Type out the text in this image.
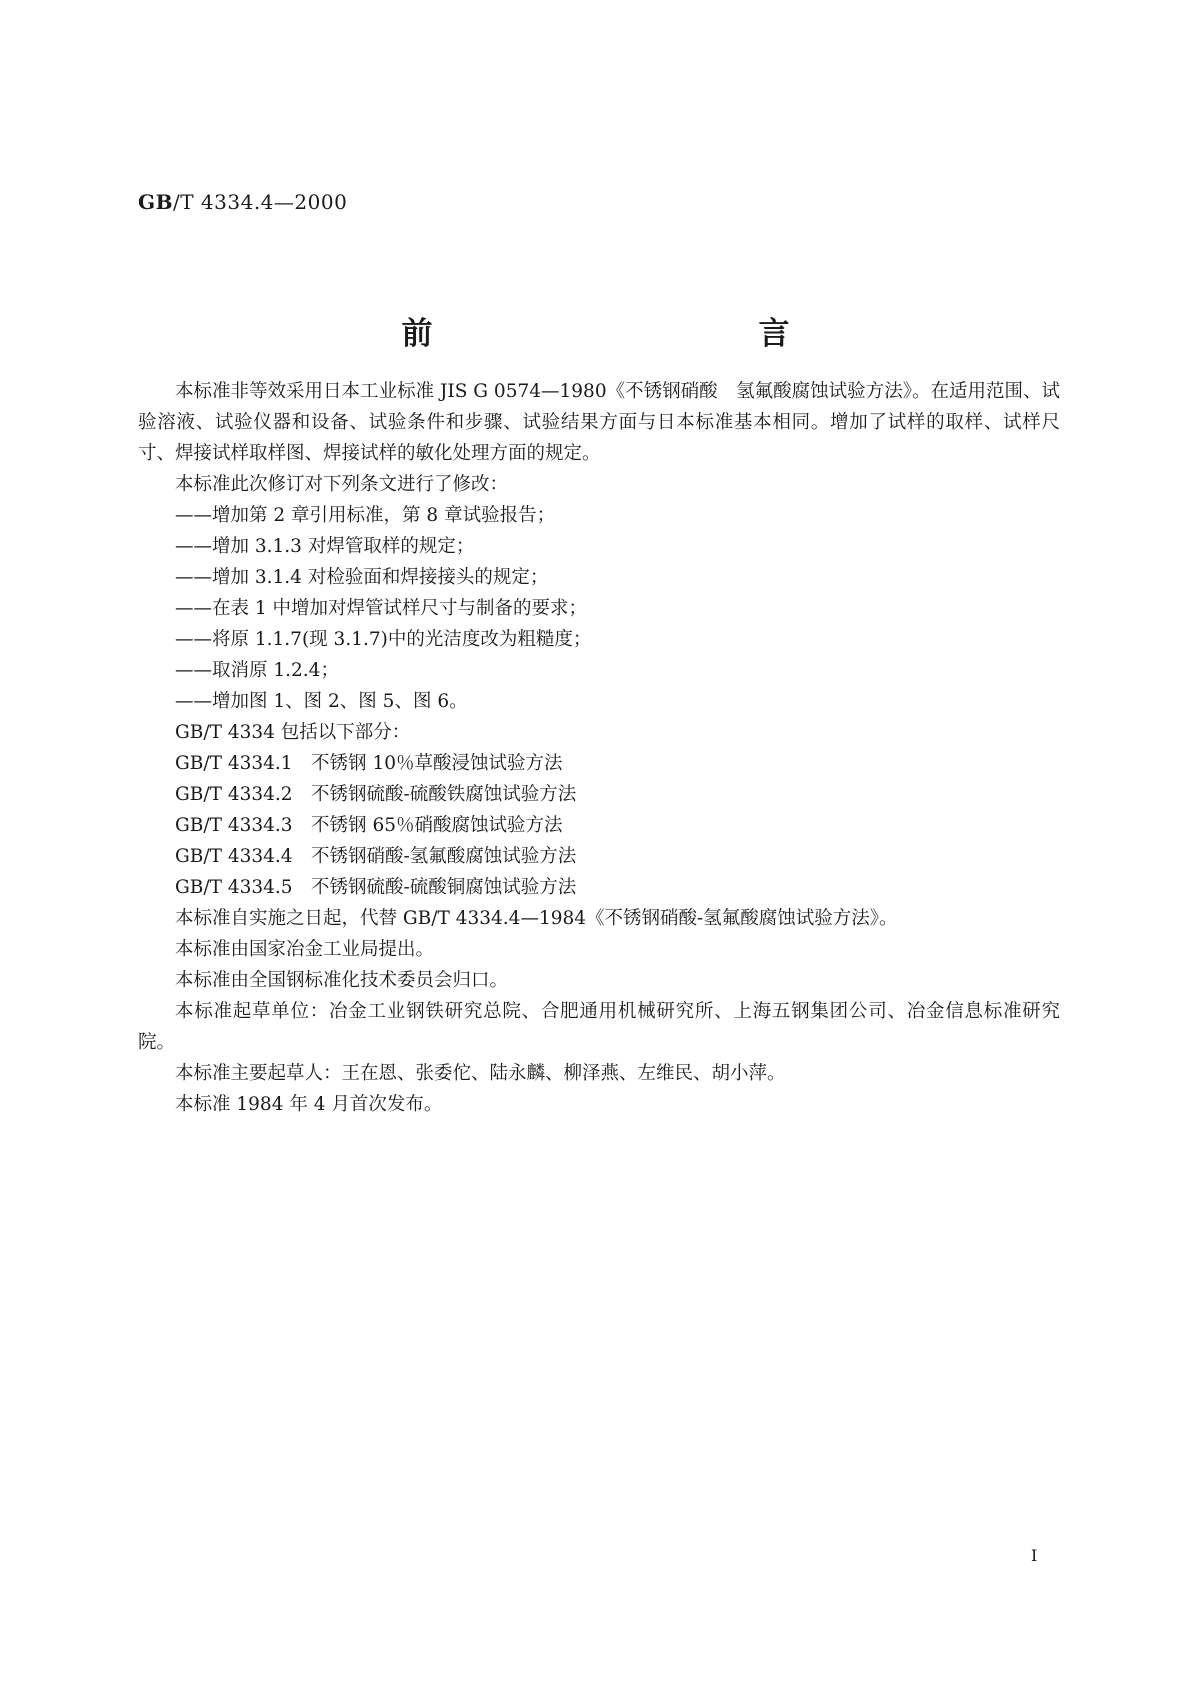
GB/T 4334.4—2000
前　　言

本标准非等效采用日本工业标准 JIS G 0574—1980《不锈钢硝酸　氢氟酸腐蚀试验方法》。在适用范围、试验溶液、试验仪器和设备、试验条件和步骤、试验结果方面与日本标准基本相同。增加了试样的取样、试样尺寸、焊接试样取样图、焊接试样的敏化处理方面的规定。

本标准此次修订对下列条文进行了修改：

——增加第 2 章引用标准，第 8 章试验报告；

——增加 3.1.3 对焊管取样的规定；

——增加 3.1.4 对检验面和焊接接头的规定；

——在表 1 中增加对焊管试样尺寸与制备的要求；

——将原 1.1.7(现 3.1.7)中的光洁度改为粗糙度；

——取消原 1.2.4；

——增加图 1、图 2、图 5、图 6。

GB/T 4334 包括以下部分：

GB/T 4334.1　不锈钢 10％草酸浸蚀试验方法

GB/T 4334.2　不锈钢硫酸-硫酸铁腐蚀试验方法

GB/T 4334.3　不锈钢 65％硝酸腐蚀试验方法

GB/T 4334.4　不锈钢硝酸-氢氟酸腐蚀试验方法

GB/T 4334.5　不锈钢硫酸-硫酸铜腐蚀试验方法

本标准自实施之日起，代替 GB/T 4334.4—1984《不锈钢硝酸-氢氟酸腐蚀试验方法》。

本标准由国家冶金工业局提出。

本标准由全国钢标准化技术委员会归口。

本标准起草单位：冶金工业钢铁研究总院、合肥通用机械研究所、上海五钢集团公司、冶金信息标准研究院。

本标准主要起草人：王在恩、张委佗、陆永麟、柳泽燕、左维民、胡小萍。

本标准 1984 年 4 月首次发布。

I
